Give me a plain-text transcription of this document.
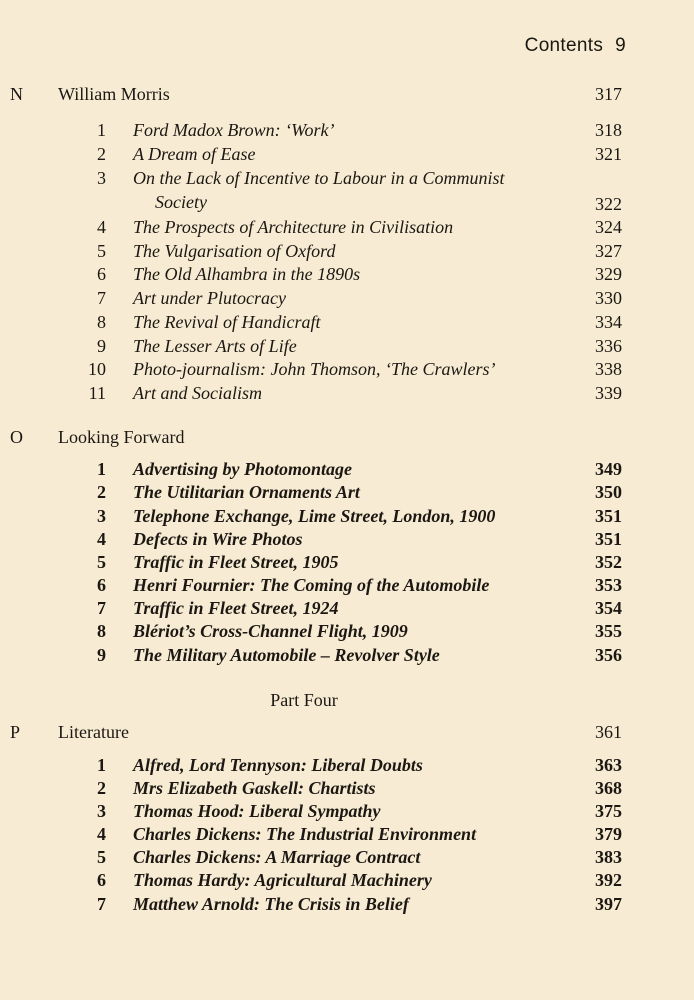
Contents 9
N William Morris	317
1 Ford Madox Brown: ‘Work’	318
2 A Dream of Ease	321
3 On the Lack of Incentive to Labour in a Communist
Society	322
4 The Prospects of Architecture in Civilisation	324
5 The Vulgarisation of Oxford	327
6 The Old Alhambra in the 1890s	329
7 Art under Plutocracy	330
8 The Revival of Handicraft	334
9 The Lesser Arts of Life	336
10 Photo-journalism: John Thomson, ‘The Crawlers’	338
11 Art and Socialism	339
O Looking Forward
1 Advertising by Photomontage	349
2 The Utilitarian Ornaments Art	350
3 Telephone Exchange, Lime Street, London, 1900	351
4 Defects in Wire Photos	351
5 Traffic in Fleet Street, 1905	352
6 Henri Fournier: The Coming of the Automobile	353
7 Traffic in Fleet Street, 1924	354
8 Blériot’s Cross-Channel Flight, 1909	355
9 The Military Automobile – Revolver Style	356
Part Four
P Literature	361
1 Alfred, Lord Tennyson: Liberal Doubts	363
2 Mrs Elizabeth Gaskell: Chartists	368
3 Thomas Hood: Liberal Sympathy	375
4 Charles Dickens: The Industrial Environment	379
5 Charles Dickens: A Marriage Contract	383
6 Thomas Hardy: Agricultural Machinery	392
7 Matthew Arnold: The Crisis in Belief	397
